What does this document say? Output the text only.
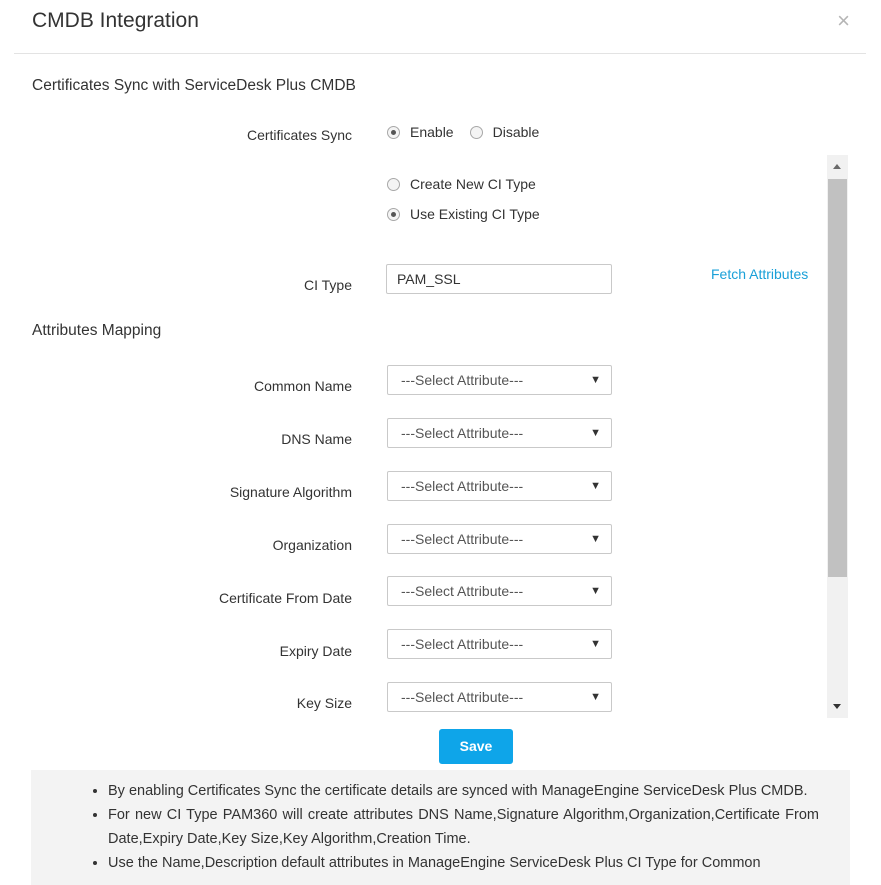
CMDB Integration	×
Certificates Sync with ServiceDesk Plus CMDB
Certificates Sync	Enable	Disable
Create New CI Type
Use Existing CI Type
CI Type	PAM_SSL	Fetch Attributes
Attributes Mapping
Common Name	---Select Attribute---	▼
DNS Name	---Select Attribute---	▼
Signature Algorithm	---Select Attribute---	▼
Organization	---Select Attribute---	▼
Certificate From Date	---Select Attribute---	▼
Expiry Date	---Select Attribute---	▼
Key Size	---Select Attribute---	▼
Save
• By enabling Certificates Sync the certificate details are synced with ManageEngine ServiceDesk Plus CMDB.
• For new CI Type PAM360 will create attributes DNS Name,Signature Algorithm,Organization,Certificate From Date,Expiry Date,Key Size,Key Algorithm,Creation Time.
• Use the Name,Description default attributes in ManageEngine ServiceDesk Plus CI Type for Common
